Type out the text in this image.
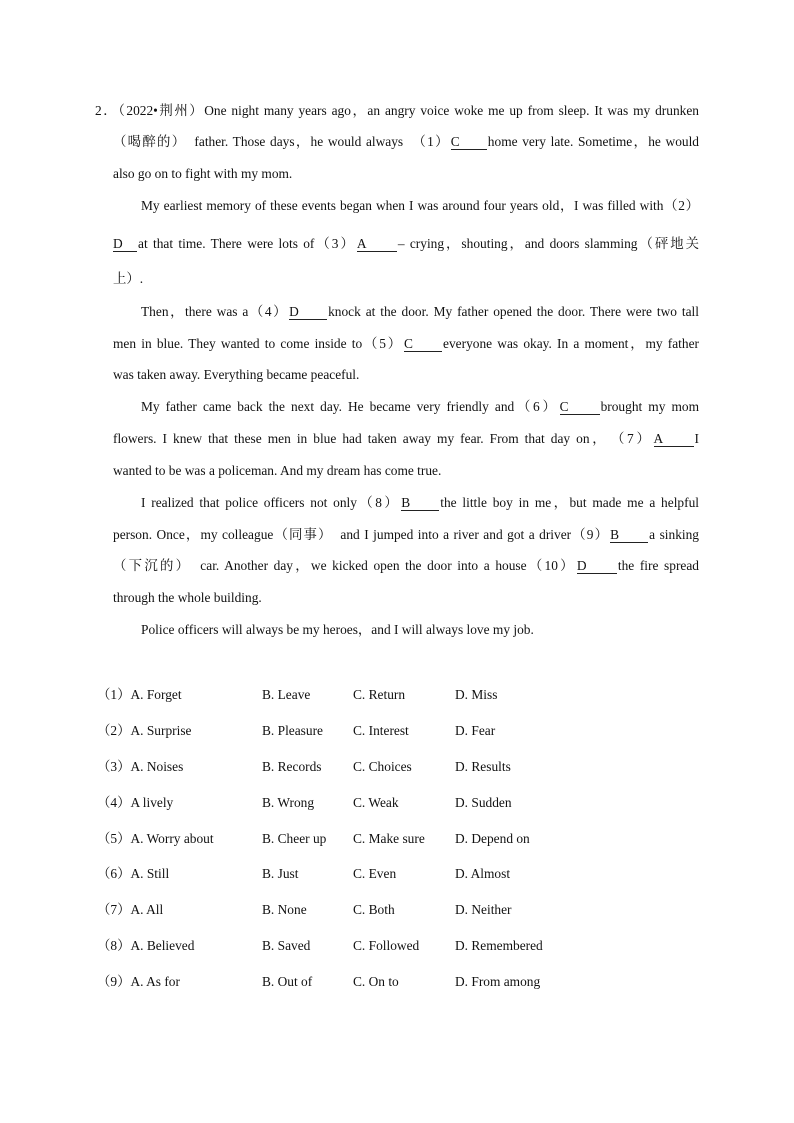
2．（2022•荆州）One night many years ago，an angry voice woke me up from sleep. It was my drunken
（喝醉的）　father. Those days，he would always　（1）C home very late. Sometime，he would
also go on to fight with my mom.
My earliest memory of these events began when I was around four years old，I was filled with（2）
D at that time. There were lots of（3）A – crying，shouting，and doors slamming（砰地关
上）.
Then，there was a（4）D knock at the door. My father opened the door. There were two tall
men in blue. They wanted to come inside to（5）C everyone was okay. In a moment，my father
was taken away. Everything became peaceful.
My father came back the next day. He became very friendly and（6）C brought my mom
flowers. I knew that these men in blue had taken away my fear. From that day on，　（7）A I
wanted to be was a policeman. And my dream has come true.
I realized that police officers not only（8）B the little boy in me，but made me a helpful
person. Once，my colleague（同事）　and I jumped into a river and got a driver（9）B a sinking
（下沉的）　car. Another day，we kicked open the door into a house（10）D the fire spread
through the whole building.
Police officers will always be my heroes，and I will always love my job.
（1）A. Forget	B. Leave	C. Return	D. Miss
（2）A. Surprise	B. Pleasure C. Interest	D. Fear
（3）A. Noises	B. Records C. Choices	D. Results
（4）A lively	B. Wrong	C. Weak	D. Sudden
（5）A. Worry about	B. Cheer up C. Make sure D. Depend on
（6）A. Still	B. Just	C. Even	D. Almost
（7）A. All	B. None	C. Both	D. Neither
（8）A. Believed	B. Saved	C. Followed	D. Remembered
（9）A. As for	B. Out of	C. On to	D. From among
